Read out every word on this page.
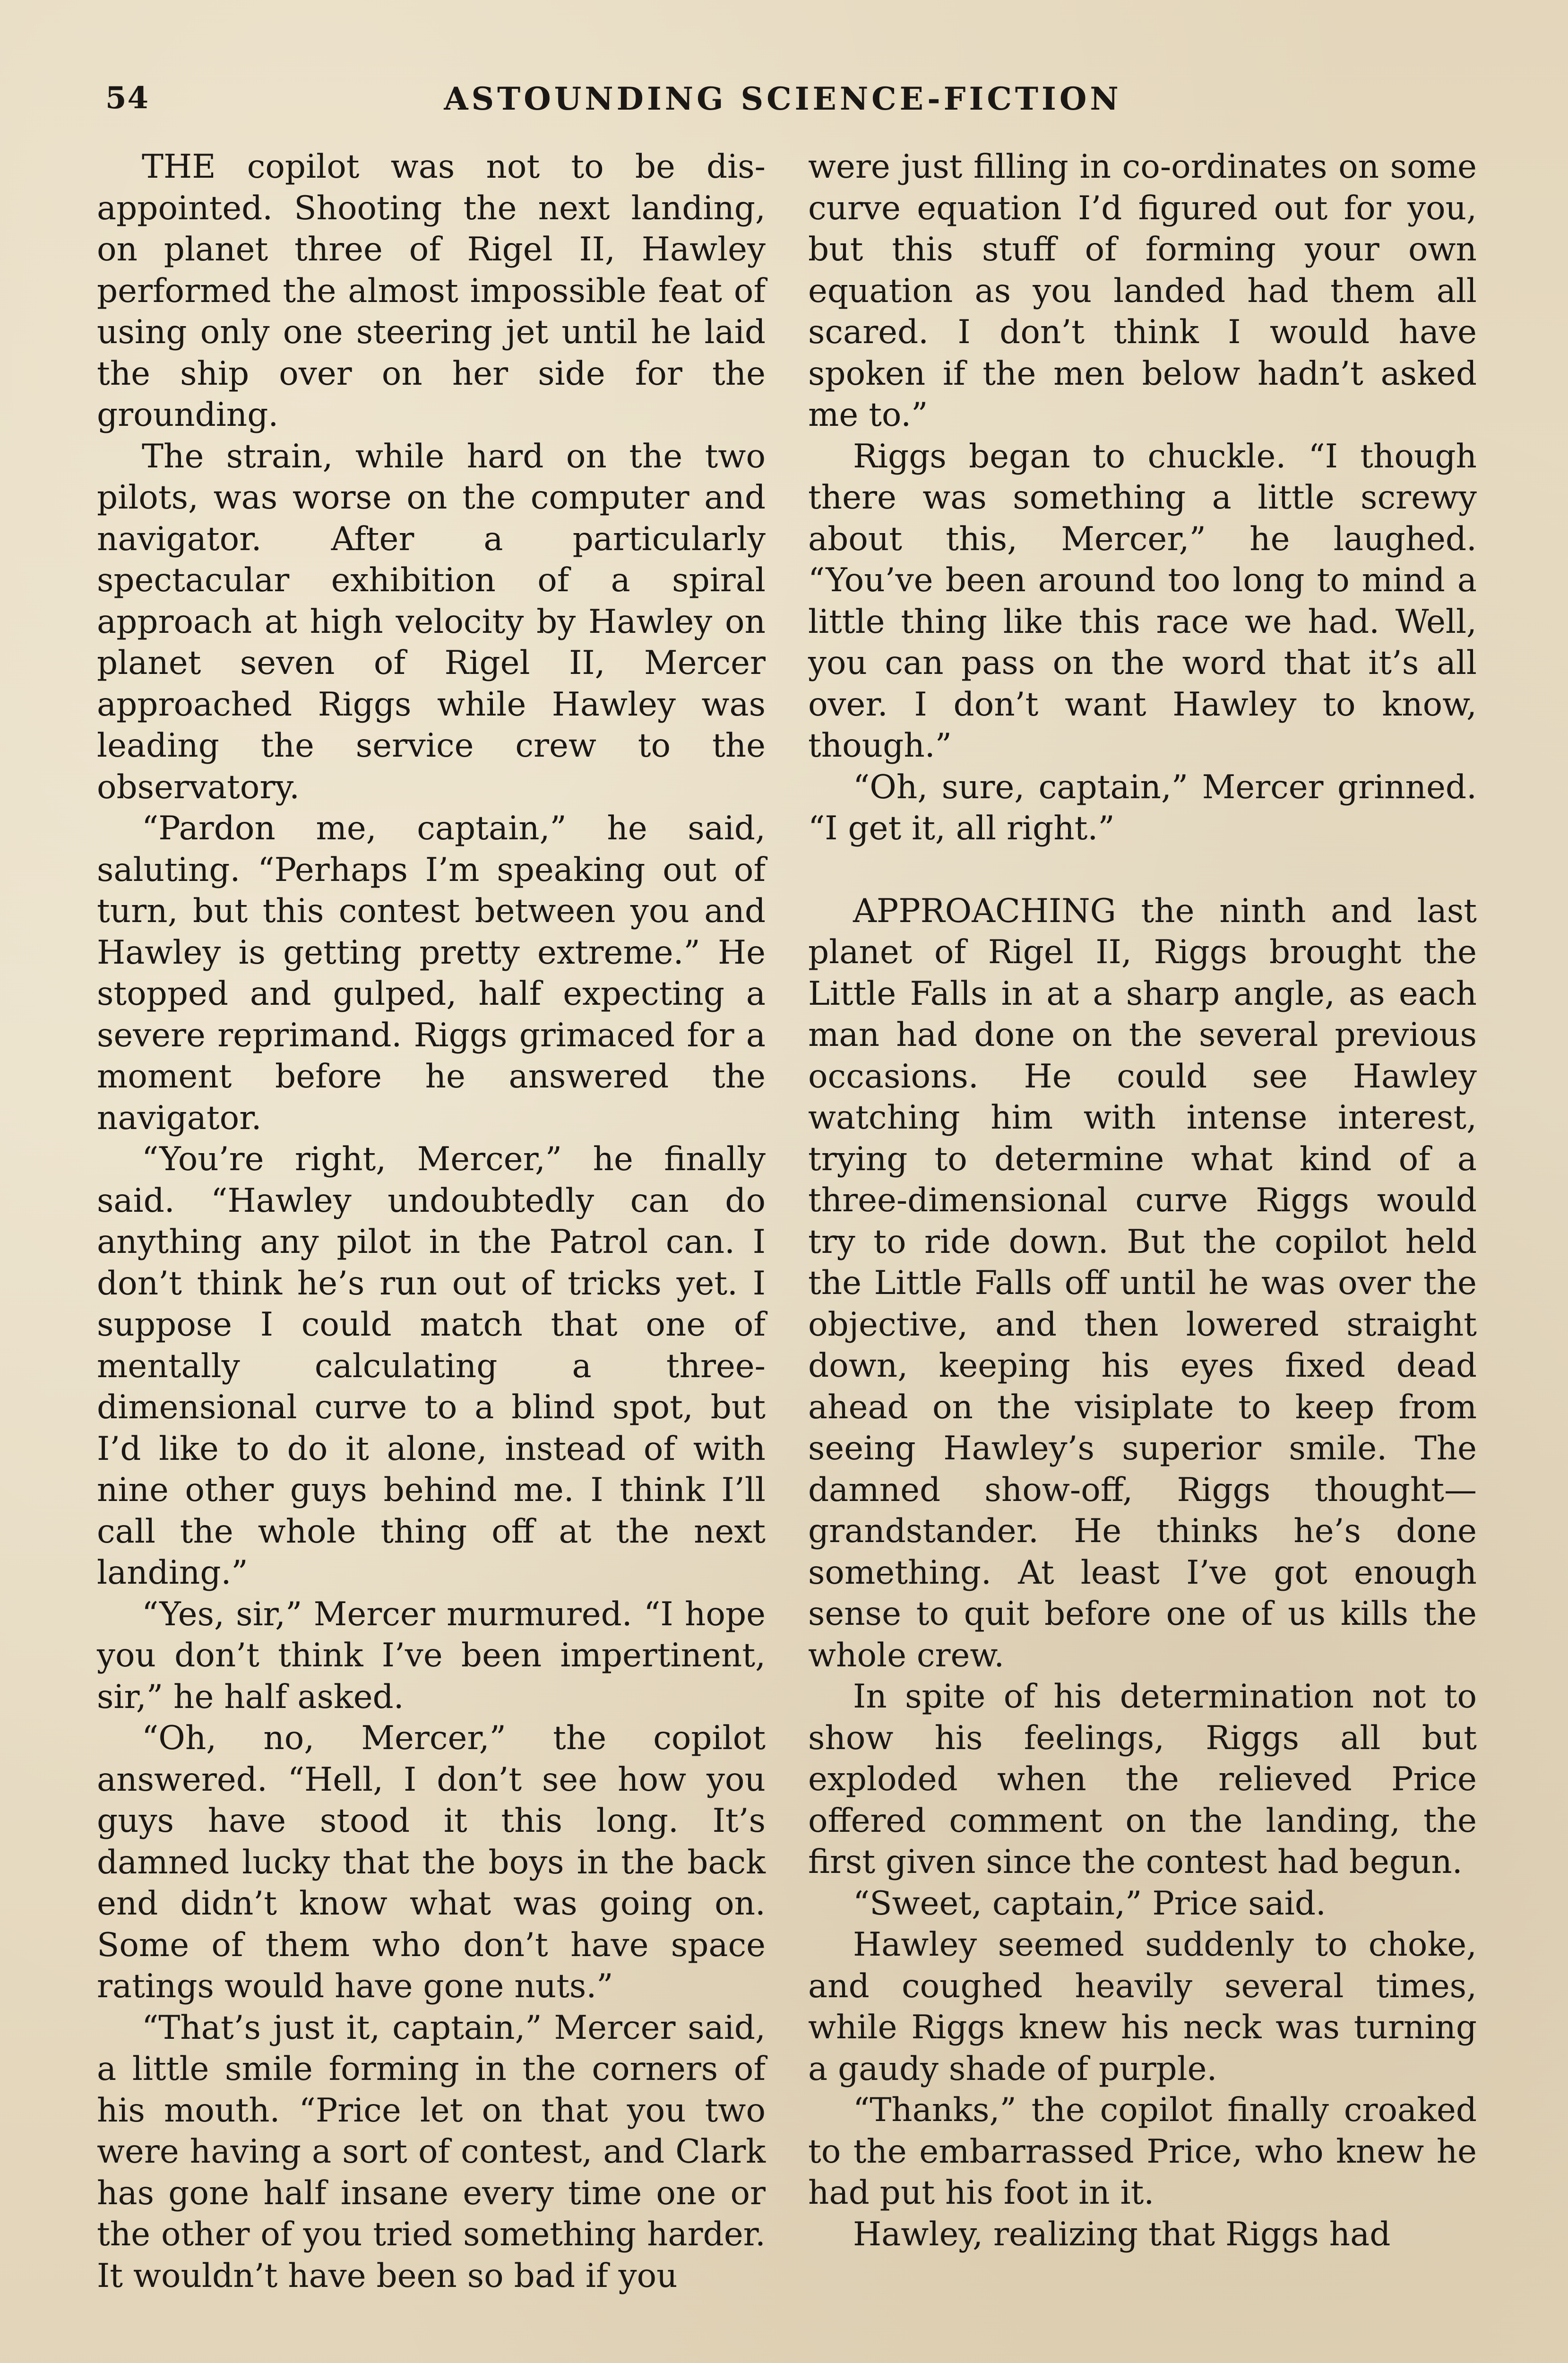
54	ASTOUNDING SCIENCE-FICTION

THE copilot was not to be disappointed. Shooting the next landing, on planet three of Rigel II, Hawley performed the almost impossible feat of using only one steering jet until he laid the ship over on her side for the grounding.

The strain, while hard on the two pilots, was worse on the computer and navigator. After a particularly spectacular exhibition of a spiral approach at high velocity by Hawley on planet seven of Rigel II, Mercer approached Riggs while Hawley was leading the service crew to the observatory.

“Pardon me, captain,” he said, saluting. “Perhaps I’m speaking out of turn, but this contest between you and Hawley is getting pretty extreme.” He stopped and gulped, half expecting a severe reprimand. Riggs grimaced for a moment before he answered the navigator.

“You’re right, Mercer,” he finally said. “Hawley undoubtedly can do anything any pilot in the Patrol can. I don’t think he’s run out of tricks yet. I suppose I could match that one of mentally calculating a three-dimensional curve to a blind spot, but I’d like to do it alone, instead of with nine other guys behind me. I think I’ll call the whole thing off at the next landing.”

“Yes, sir,” Mercer murmured. “I hope you don’t think I’ve been impertinent, sir,” he half asked.

“Oh, no, Mercer,” the copilot answered. “Hell, I don’t see how you guys have stood it this long. It’s damned lucky that the boys in the back end didn’t know what was going on. Some of them who don’t have space ratings would have gone nuts.”

“That’s just it, captain,” Mercer said, a little smile forming in the corners of his mouth. “Price let on that you two were having a sort of contest, and Clark has gone half insane every time one or the other of you tried something harder. It wouldn’t have been so bad if you

were just filling in co-ordinates on some curve equation I’d figured out for you, but this stuff of forming your own equation as you landed had them all scared. I don’t think I would have spoken if the men below hadn’t asked me to.”

Riggs began to chuckle. “I though there was something a little screwy about this, Mercer,” he laughed. “You’ve been around too long to mind a little thing like this race we had. Well, you can pass on the word that it’s all over. I don’t want Hawley to know, though.”

“Oh, sure, captain,” Mercer grinned. “I get it, all right.”

APPROACHING the ninth and last planet of Rigel II, Riggs brought the Little Falls in at a sharp angle, as each man had done on the several previous occasions. He could see Hawley watching him with intense interest, trying to determine what kind of a three-dimensional curve Riggs would try to ride down. But the copilot held the Little Falls off until he was over the objective, and then lowered straight down, keeping his eyes fixed dead ahead on the visiplate to keep from seeing Hawley’s superior smile. The damned show-off, Riggs thought—grandstander. He thinks he’s done something. At least I’ve got enough sense to quit before one of us kills the whole crew.

In spite of his determination not to show his feelings, Riggs all but exploded when the relieved Price offered comment on the landing, the first given since the contest had begun.

“Sweet, captain,” Price said.

Hawley seemed suddenly to choke, and coughed heavily several times, while Riggs knew his neck was turning a gaudy shade of purple.

“Thanks,” the copilot finally croaked to the embarrassed Price, who knew he had put his foot in it.

Hawley, realizing that Riggs had
